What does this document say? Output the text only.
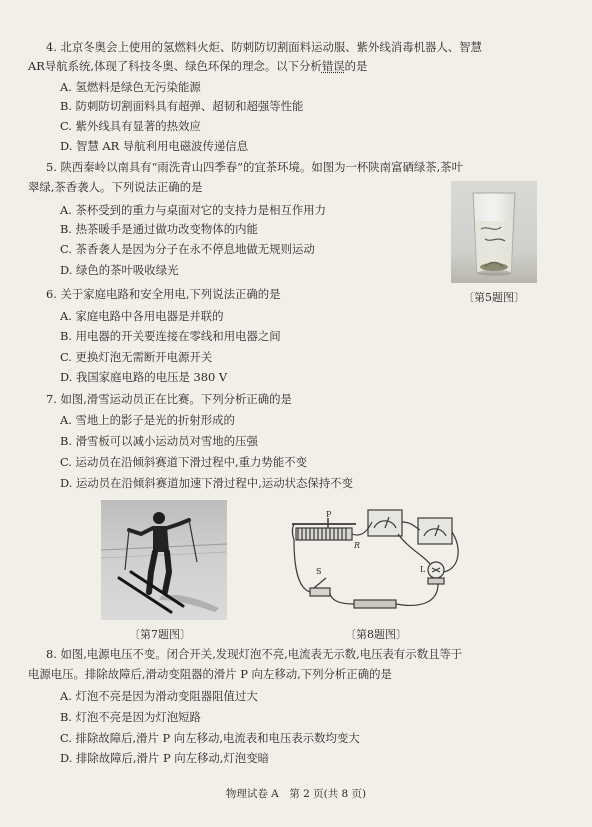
4. 北京冬奥会上使用的氢燃料火炬、防刺防切割面料运动服、紫外线消毒机器人、智慧
AR导航系统,体现了科技冬奥、绿色环保的理念。以下分析错误的是
A. 氢燃料是绿色无污染能源
B. 防刺防切割面料具有超弹、超韧和超强等性能
C. 紫外线具有显著的热效应
D. 智慧 AR 导航利用电磁波传递信息
5. 陕西秦岭以南具有“雨洗青山四季春”的宜茶环境。如图为一杯陕南富硒绿茶,茶叶
翠绿,茶香袭人。下列说法正确的是
A. 茶杯受到的重力与桌面对它的支持力是相互作用力
B. 热茶暖手是通过做功改变物体的内能
C. 茶香袭人是因为分子在永不停息地做无规则运动
D. 绿色的茶叶吸收绿光
〔第5题图〕
6. 关于家庭电路和安全用电,下列说法正确的是
A. 家庭电路中各用电器是并联的
B. 用电器的开关要连接在零线和用电器之间
C. 更换灯泡无需断开电源开关
D. 我国家庭电路的电压是 380 V
7. 如图,滑雪运动员正在比赛。下列分析正确的是
A. 雪地上的影子是光的折射形成的
B. 滑雪板可以减小运动员对雪地的压强
C. 运动员在沿倾斜赛道下滑过程中,重力势能不变
D. 运动员在沿倾斜赛道加速下滑过程中,运动状态保持不变
〔第7题图〕
P
R
S	L
〔第8题图〕
8. 如图,电源电压不变。闭合开关,发现灯泡不亮,电流表无示数,电压表有示数且等于
电源电压。排除故障后,滑动变阻器的滑片 P 向左移动,下列分析正确的是
A. 灯泡不亮是因为滑动变阻器阻值过大
B. 灯泡不亮是因为灯泡短路
C. 排除故障后,滑片 P 向左移动,电流表和电压表示数均变大
D. 排除故障后,滑片 P 向左移动,灯泡变暗
物理试卷 A　第 2 页(共 8 页)
